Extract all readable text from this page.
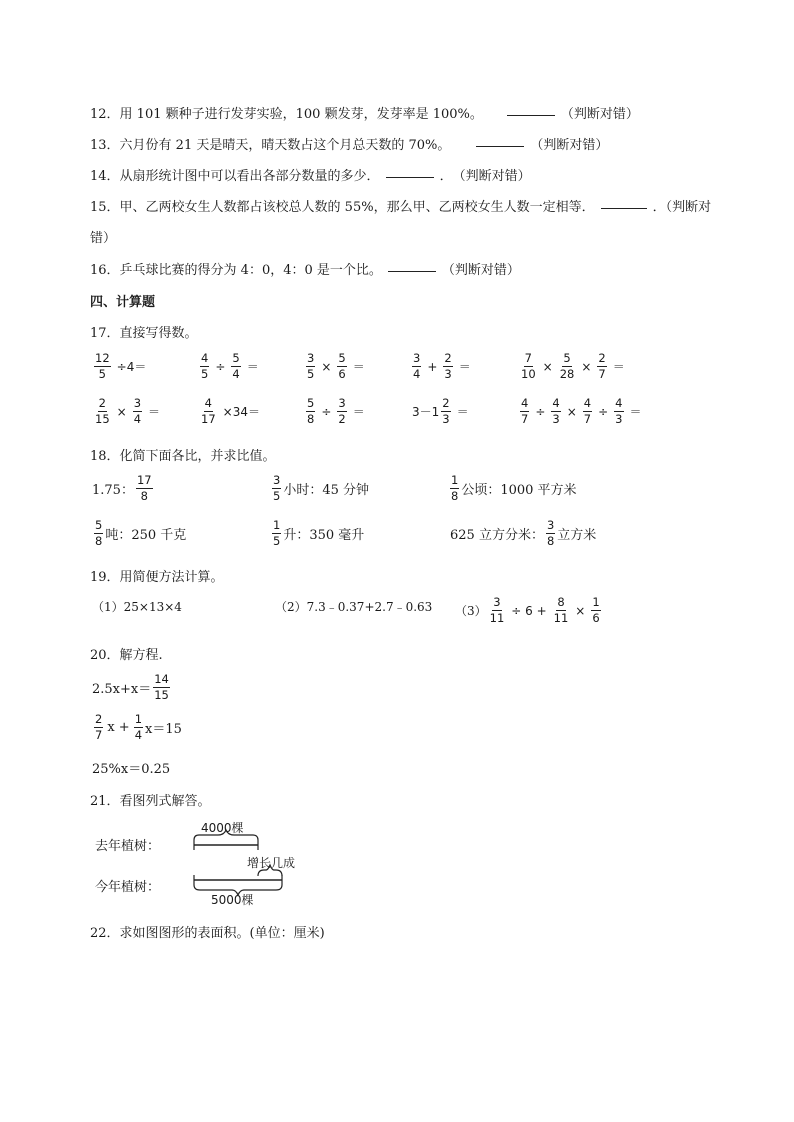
12．用 101 颗种子进行发芽实验，100 颗发芽，发芽率是 100%。	（判断对错）
13．六月份有 21 天是晴天，晴天数占这个月总天数的 70%。	（判断对错）
14．从扇形统计图中可以看出各部分数量的多少．	．　（判断对错）
15．甲、乙两校女生人数都占该校总人数的 55%，那么甲、乙两校女生人数一定相等．	．（判断对
错）
16．乒乓球比赛的得分为 4：0，4：0 是一个比。	（判断对错）
四、计算题
17．直接写得数。
$\frac{12}{5} \div 4=$	$\frac{4}{5} \div \frac{5}{4}$ ＝	$\frac{3}{5} \times \frac{5}{6}$ ＝	$\frac{3}{4} + \frac{2}{3}$ ＝	$\frac{7}{10} \times \frac{5}{28} \times \frac{2}{7}$ ＝
$\frac{2}{15} \times \frac{3}{4}$ ＝	$\frac{4}{17} \times 34=$	$\frac{5}{8} \div \frac{3}{2}$ ＝	$3-1 \frac{2}{3}$ ＝	$\frac{4}{7} \div \frac{4}{3} \times \frac{4}{7} \div \frac{4}{3}$ ＝
18．化简下面各比，并求比值。
1.75： $\frac{17}{8}$	$\frac{3}{5}$ 小时：45 分钟	$\frac{1}{8}$ 公顷：1000 平方米
$\frac{5}{8}$ 吨：250 千克	$\frac{1}{5}$ 升：350 毫升	625 立方分米： $\frac{3}{8}$ 立方米
19．用简便方法计算。
（1）25×13×4	（2）7.3﹣0.37+2.7﹣0.63 $(3) \frac{3}{11} \div 6 + \frac{8}{11} \times \frac{1}{6}$
20．解方程.
$2.5x+x= \frac{14}{15}$
$\frac{2}{7}$ $x + \frac{1}{4} x=15$
25%x＝0.25
21．看图列式解答。
去年植树：
今年植树：
4000棵
增长几成
5000棵
22．求如图图形的表面积。(单位：厘米)
